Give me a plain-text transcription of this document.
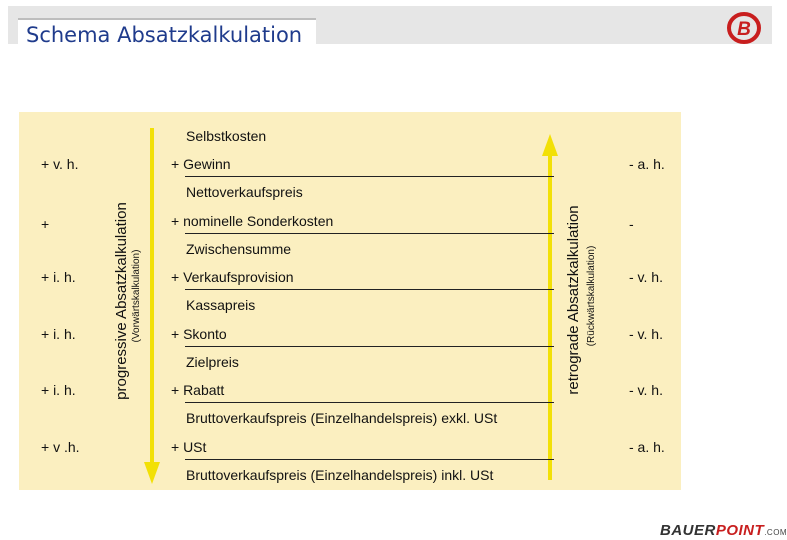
Schema Absatzkalkulation	B
progressive Absatzkalkulation (Vorwärtskalkulation)	retrograde Absatzkalkulation (Rückwärtskalkulation)
Selbstkosten
Nettoverkaufspreis
Zwischensumme
Kassapreis
Zielpreis
Bruttoverkaufspreis (Einzelhandelspreis) exkl. USt
Bruttoverkaufspreis (Einzelhandelspreis) inkl. USt
+ Gewinn
+ nominelle Sonderkosten
+ Verkaufsprovision
+ Skonto
+ Rabatt
+ USt
+ v. h.
+
+ i. h.
+ i. h.
+ i. h.
+ v .h.
- a. h.
-
- v. h.
- v. h.
- v. h.
- a. h.
BAUERPOINT.COM
